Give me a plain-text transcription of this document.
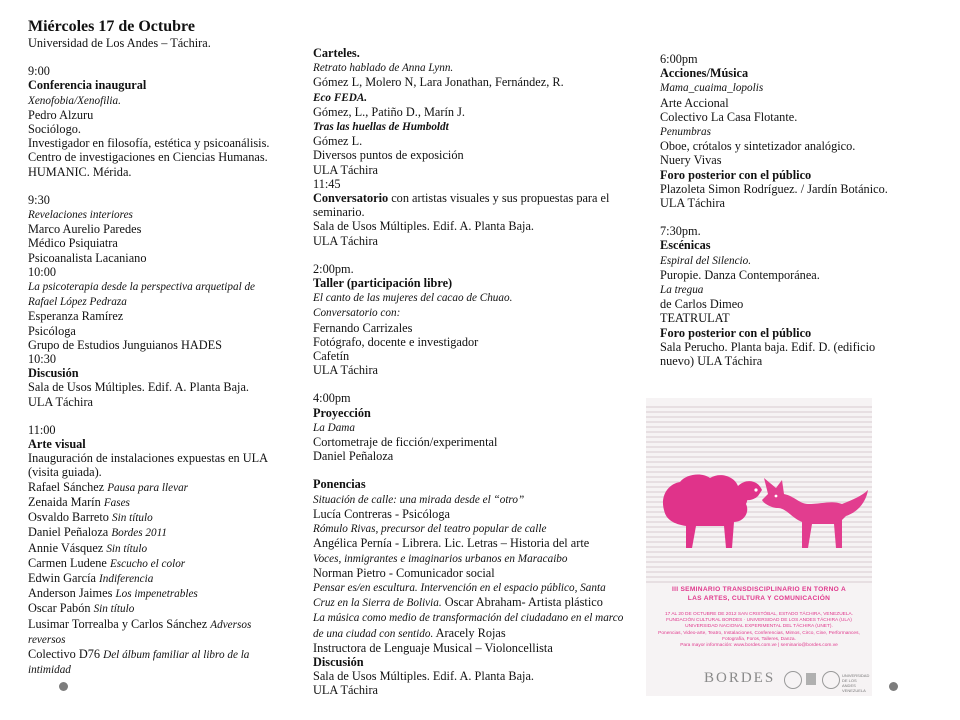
Miércoles 17 de Octubre
Universidad de Los Andes – Táchira.
9:00
Conferencia inaugural
Xenofobia/Xenofilia.
Pedro Alzuru
Sociólogo.
Investigador en filosofía, estética y psicoanálisis.
Centro de investigaciones en Ciencias Humanas.
HUMANIC. Mérida.
9:30
Revelaciones interiores
Marco Aurelio Paredes
Médico Psiquiatra
Psicoanalista Lacaniano
10:00
La psicoterapia desde la perspectiva arquetipal de
Rafael López Pedraza
Esperanza Ramírez
Psicóloga
Grupo de Estudios Junguianos HADES
10:30
Discusión
Sala de Usos Múltiples. Edif. A. Planta Baja.
ULA Táchira
11:00
Arte visual
Inauguración de instalaciones expuestas en ULA
(visita guiada).
Rafael Sánchez Pausa para llevar
Zenaida Marín Fases
Osvaldo Barreto Sin título
Daniel Peñaloza Bordes 2011
Annie Vásquez Sin título
Carmen Ludene Escucho el color
Edwin García Indiferencia
Anderson Jaimes Los impenetrables
Oscar Pabón Sin título
Lusimar Torrealba y Carlos Sánchez Adversos
reversos
Colectivo D76 Del álbum familiar al libro de la
intimidad
Carteles.
Retrato hablado de Anna Lynn.
Gómez L, Molero N, Lara Jonathan, Fernández, R.
Eco FEDA.
Gómez, L., Patiño D., Marín J.
Tras las huellas de Humboldt
Gómez L.
Diversos puntos de exposición
ULA Táchira
11:45
Conversatorio con artistas visuales y sus propuestas para el seminario.
Sala de Usos Múltiples. Edif. A. Planta Baja.
ULA Táchira
2:00pm.
Taller (participación libre)
El canto de las mujeres del cacao de Chuao.
Conversatorio con:
Fernando Carrizales
Fotógrafo, docente e investigador
Cafetín
ULA Táchira
4:00pm
Proyección
La Dama
Cortometraje de ficción/experimental
Daniel Peñaloza
Ponencias
Situación de calle: una mirada desde el “otro”
Lucía Contreras - Psicóloga
Rómulo Rivas, precursor del teatro popular de calle
Angélica Pernía - Librera. Lic. Letras – Historia del arte
Voces, inmigrantes e imaginarios urbanos en Maracaibo
Norman Pietro - Comunicador social
Pensar es/en escultura. Intervención en el espacio público, Santa
Cruz en la Sierra de Bolivia. Oscar Abraham- Artista plástico
La música como medio de transformación del ciudadano en el marco
de una ciudad con sentido. Aracely Rojas
Instructora de Lenguaje Musical – Violoncellista
Discusión
Sala de Usos Múltiples. Edif. A. Planta Baja.
ULA Táchira
6:00pm
Acciones/Música
Mama_cuaima_lopolis
Arte Accional
Colectivo La Casa Flotante.
Penumbras
Oboe, crótalos y sintetizador analógico.
Nuery Vivas
Foro posterior con el público
Plazoleta Simon Rodríguez. / Jardín Botánico.
ULA Táchira
7:30pm.
Escénicas
Espiral del Silencio.
Puropie. Danza Contemporánea.
La tregua
de Carlos Dimeo
TEATRULAT
Foro posterior con el público
Sala Perucho. Planta baja. Edif. D. (edificio
nuevo) ULA Táchira
III SEMINARIO TRANSDISCIPLINARIO EN TORNO A
LAS ARTES, CULTURA Y COMUNICACIÓN
17 AL 20 DE OCTUBRE DE 2012 SAN CRISTÓBAL, ESTADO TÁCHIRA, VENEZUELA.
FUNDACIÓN CULTURAL BORDES · UNIVERSIDAD DE LOS ANDES TÁCHIRA (ULA)
UNIVERSIDAD NACIONAL EXPERIMENTAL DEL TÁCHIRA (UNET).
Ponencias, Video-arte, Teatro, Instalaciones, Conferencias, Mimos, Circo, Cine, Performances, Fotografía, Foros, Talleres, Danza.
Para mayor información: www.bordes.com.ve | seminario@bordes.com.ve
BORDES	UNIVERSIDAD DE LOS ANDES VENEZUELA
